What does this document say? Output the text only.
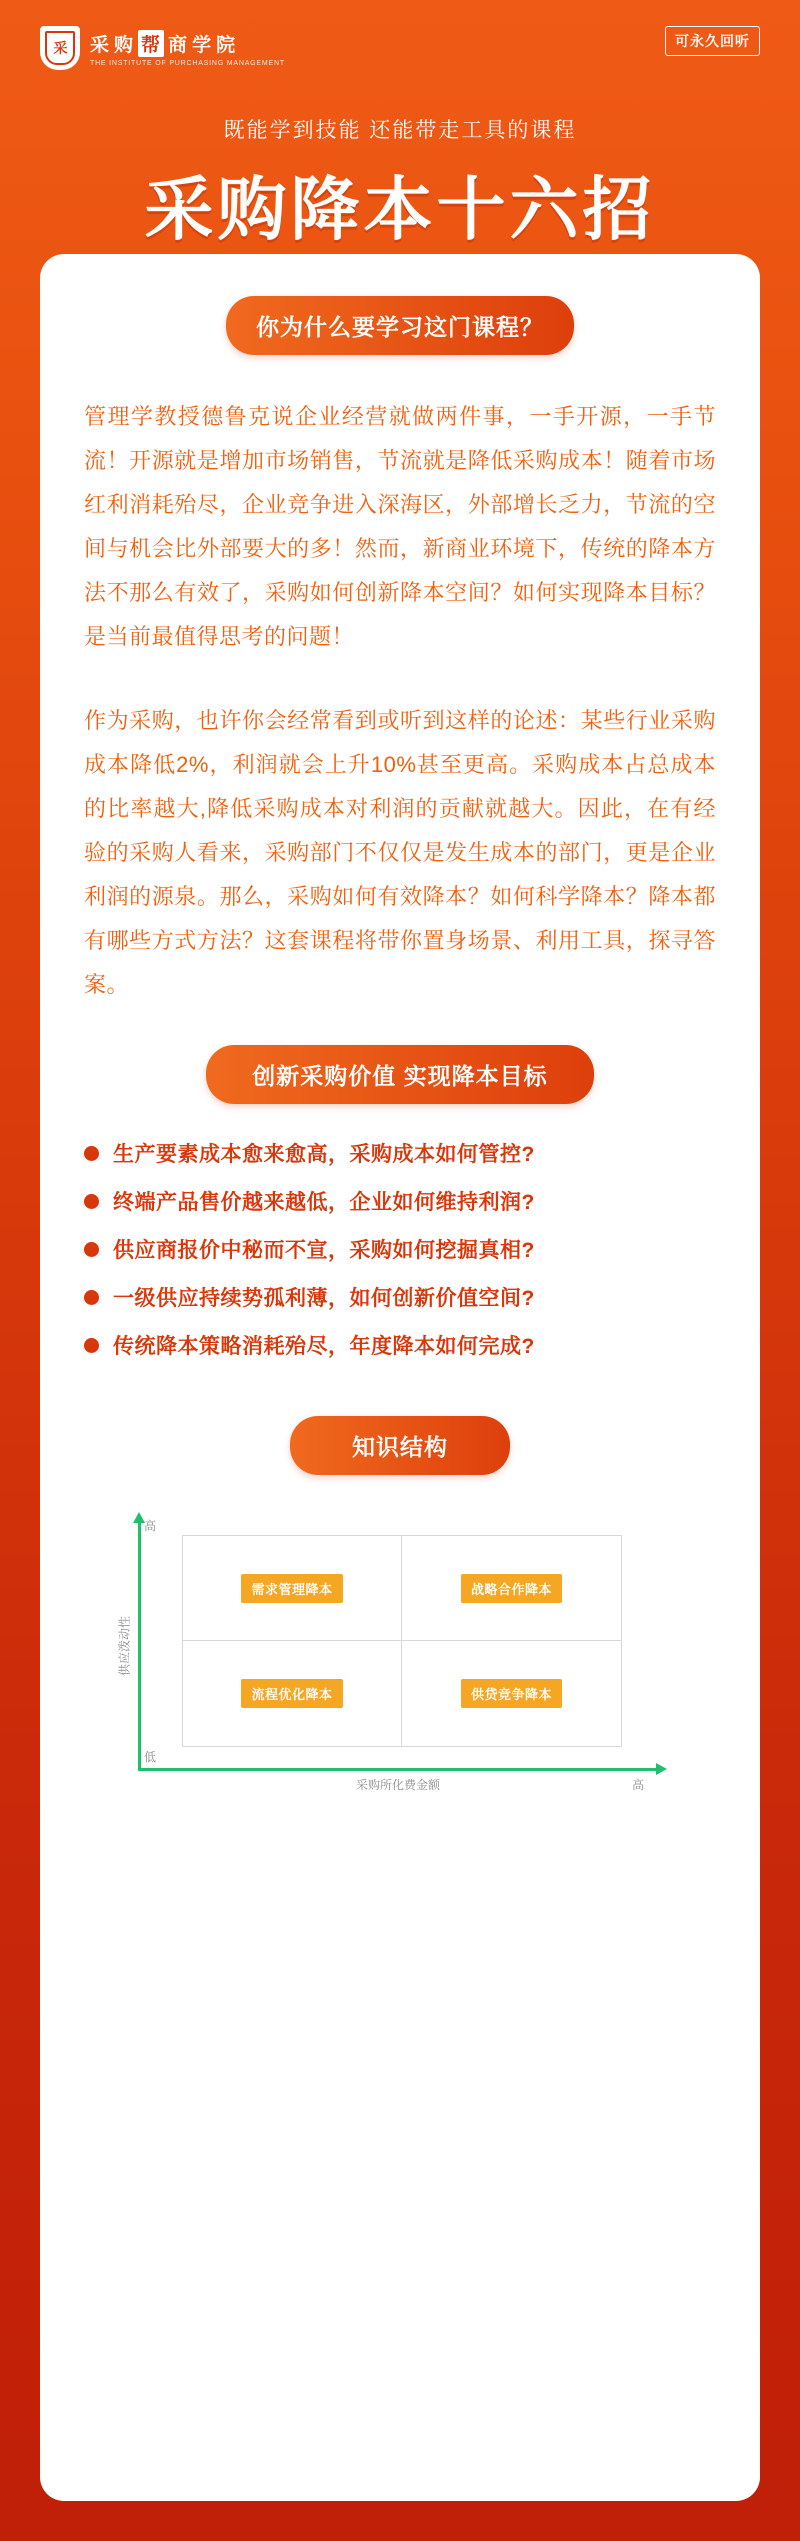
采 采 购 帮 商 学 院
THE INSTITUTE OF PURCHASING MANAGEMENT
可永久回听
既能学到技能 还能带走工具的课程
采购降本十六招
你为什么要学习这门课程？

管理学教授德鲁克说企业经营就做两件事，一手开源，一手节流！开源就是增加市场销售，节流就是降低采购成本！随着市场红利消耗殆尽，企业竞争进入深海区，外部增长乏力，节流的空间与机会比外部要大的多！然而，新商业环境下，传统的降本方法不那么有效了，采购如何创新降本空间？如何实现降本目标？是当前最值得思考的问题！

作为采购，也许你会经常看到或听到这样的论述：某些行业采购成本降低2%，利润就会上升10%甚至更高。采购成本占总成本的比率越大,降低采购成本对利润的贡献就越大。因此，在有经验的采购人看来，采购部门不仅仅是发生成本的部门，更是企业利润的源泉。那么，采购如何有效降本？如何科学降本？降本都有哪些方式方法？这套课程将带你置身场景、利用工具，探寻答案。

创新采购价值 实现降本目标
生产要素成本愈来愈高，采购成本如何管控?
终端产品售价越来越低，企业如何维持利润?
供应商报价中秘而不宣，采购如何挖掘真相?
一级供应持续势孤利薄，如何创新价值空间?
传统降本策略消耗殆尽，年度降本如何完成?
知识结构
高
低
高
采购所化费金额
供应泼动性
需求管理降本	战略合作降本
流程优化降本	供贷竞争降本
